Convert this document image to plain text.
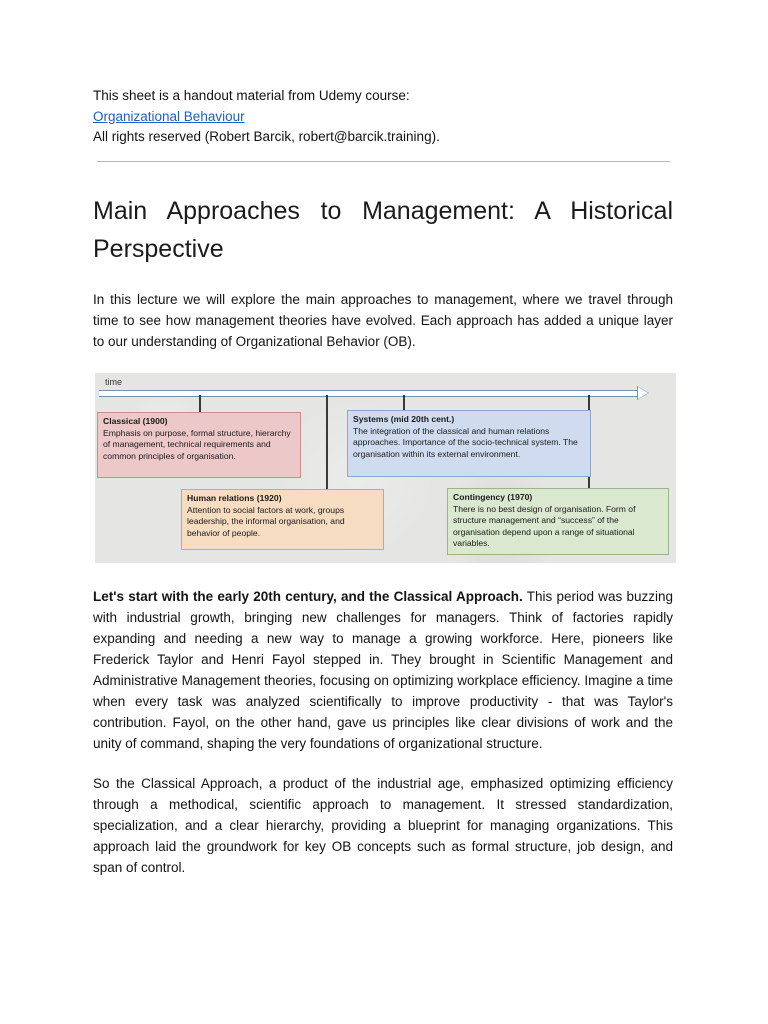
This sheet is a handout material from Udemy course:

Organizational Behaviour

All rights reserved (Robert Barcik, robert@barcik.training).

Main Approaches to Management: A Historical Perspective

In this lecture we will explore the main approaches to management, where we travel through time to see how management theories have evolved. Each approach has added a unique layer to our understanding of Organizational Behavior (OB).

time
Classical (1900)
Emphasis on purpose, formal structure, hierarchy of management, technical requirements and common principles of organisation.
Systems (mid 20th cent.)
The integration of the classical and human relations approaches. Importance of the socio-technical system. The organisation within its external environment.
Human relations (1920)
Attention to social factors at work, groups leadership, the informal organisation, and behavior of people.
Contingency (1970)
There is no best design of organisation. Form of structure management and “success” of the organisation depend upon a range of situational variables.

Let's start with the early 20th century, and the Classical Approach. This period was buzzing with industrial growth, bringing new challenges for managers. Think of factories rapidly expanding and needing a new way to manage a growing workforce. Here, pioneers like Frederick Taylor and Henri Fayol stepped in. They brought in Scientific Management and Administrative Management theories, focusing on optimizing workplace efficiency. Imagine a time when every task was analyzed scientifically to improve productivity - that was Taylor's contribution. Fayol, on the other hand, gave us principles like clear divisions of work and the unity of command, shaping the very foundations of organizational structure.

So the Classical Approach, a product of the industrial age, emphasized optimizing efficiency through a methodical, scientific approach to management. It stressed standardization, specialization, and a clear hierarchy, providing a blueprint for managing organizations. This approach laid the groundwork for key OB concepts such as formal structure, job design, and span of control.
